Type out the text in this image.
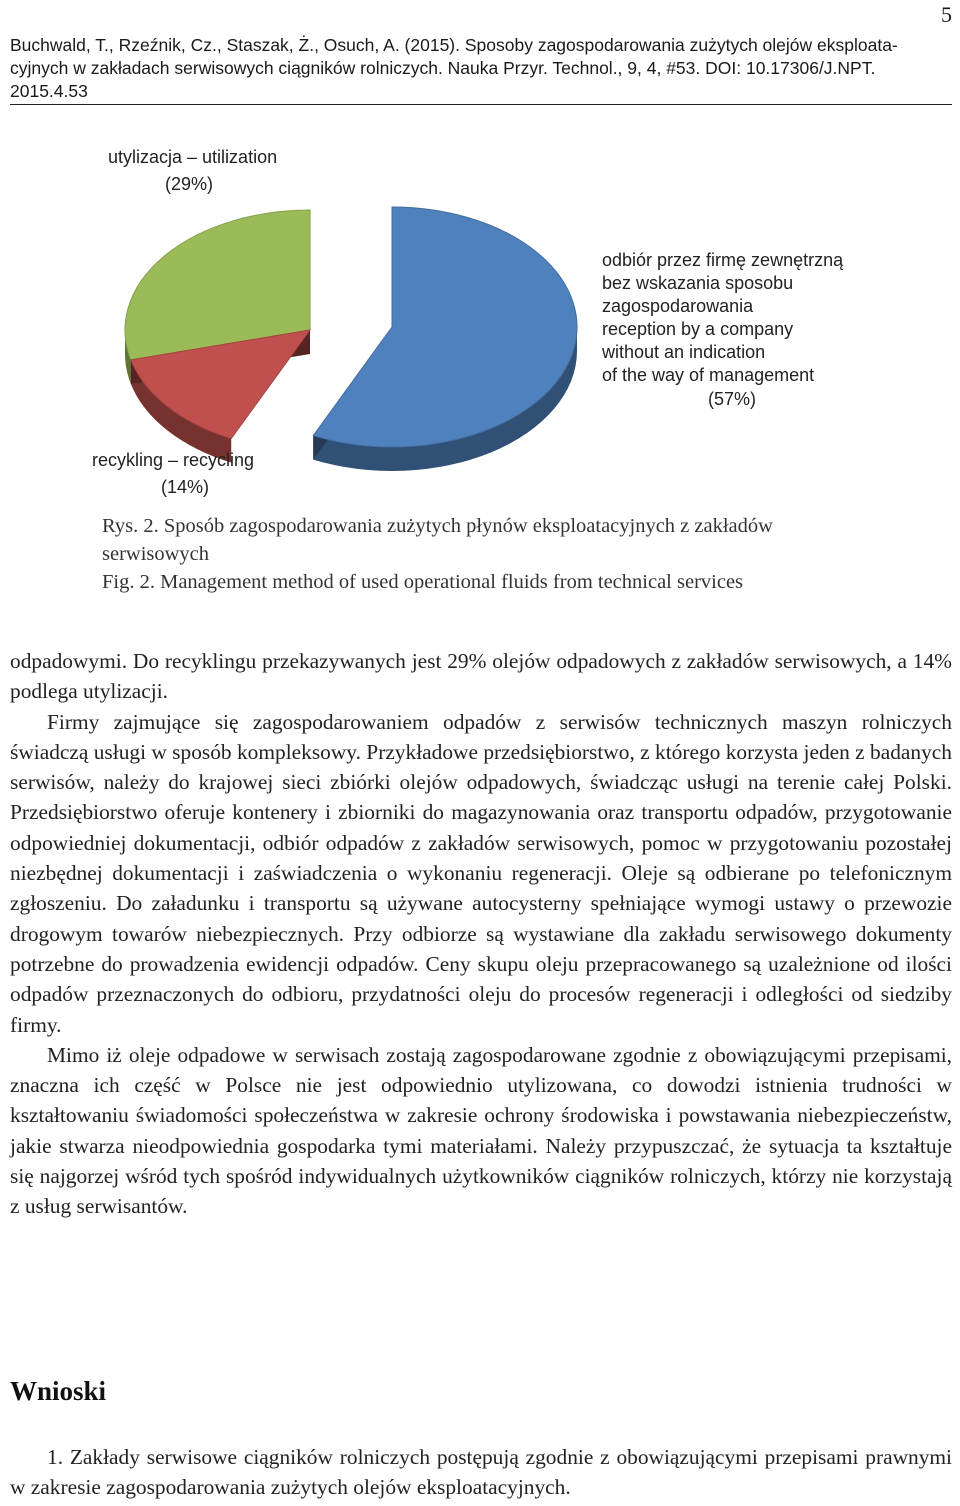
5
Buchwald, T., Rzeźnik, Cz., Staszak, Ż., Osuch, A. (2015). Sposoby zagospodarowania zużytych olejów eksploata-cyjnych w zakładach serwisowych ciągników rolniczych. Nauka Przyr. Technol., 9, 4, #53. DOI: 10.17306/J.NPT. 2015.4.53
utylizacja – utilization
(29%)
odbiór przez firmę zewnętrzną
bez wskazania sposobu
zagospodarowania
reception by a company
without an indication
of the way of management
(57%)
recykling – recycling
(14%)

Rys. 2. Sposób zagospodarowania zużytych płynów eksploatacyjnych z zakładów serwisowych

Fig. 2. Management method of used operational fluids from technical services

odpadowymi. Do recyklingu przekazywanych jest 29% olejów odpadowych z zakładów serwisowych, a 14% podlega utylizacji.

Firmy zajmujące się zagospodarowaniem odpadów z serwisów technicznych maszyn rolniczych świadczą usługi w sposób kompleksowy. Przykładowe przedsiębiorstwo, z którego korzysta jeden z badanych serwisów, należy do krajowej sieci zbiórki olejów odpadowych, świadcząc usługi na terenie całej Polski. Przedsiębiorstwo oferuje kontenery i zbiorniki do magazynowania oraz transportu odpadów, przygotowanie odpowiedniej dokumentacji, odbiór odpadów z zakładów serwisowych, pomoc w przygotowaniu pozostałej niezbędnej dokumentacji i zaświadczenia o wykonaniu regeneracji. Oleje są odbierane po telefonicznym zgłoszeniu. Do załadunku i transportu są używane autocysterny spełniające wymogi ustawy o przewozie drogowym towarów niebezpiecznych. Przy odbiorze są wystawiane dla zakładu serwisowego dokumenty potrzebne do prowadzenia ewidencji odpadów. Ceny skupu oleju przepracowanego są uzależnione od ilości odpadów przeznaczonych do odbioru, przydatności oleju do procesów regeneracji i odległości od siedziby firmy.

Mimo iż oleje odpadowe w serwisach zostają zagospodarowane zgodnie z obowiązującymi przepisami, znaczna ich część w Polsce nie jest odpowiednio utylizowana, co dowodzi istnienia trudności w kształtowaniu świadomości społeczeństwa w zakresie ochrony środowiska i powstawania niebezpieczeństw, jakie stwarza nieodpowiednia gospodarka tymi materiałami. Należy przypuszczać, że sytuacja ta kształtuje się najgorzej wśród tych spośród indywidualnych użytkowników ciągników rolniczych, którzy nie korzystają z usług serwisantów.

Wnioski

1. Zakłady serwisowe ciągników rolniczych postępują zgodnie z obowiązującymi przepisami prawnymi w zakresie zagospodarowania zużytych olejów eksploatacyjnych.
